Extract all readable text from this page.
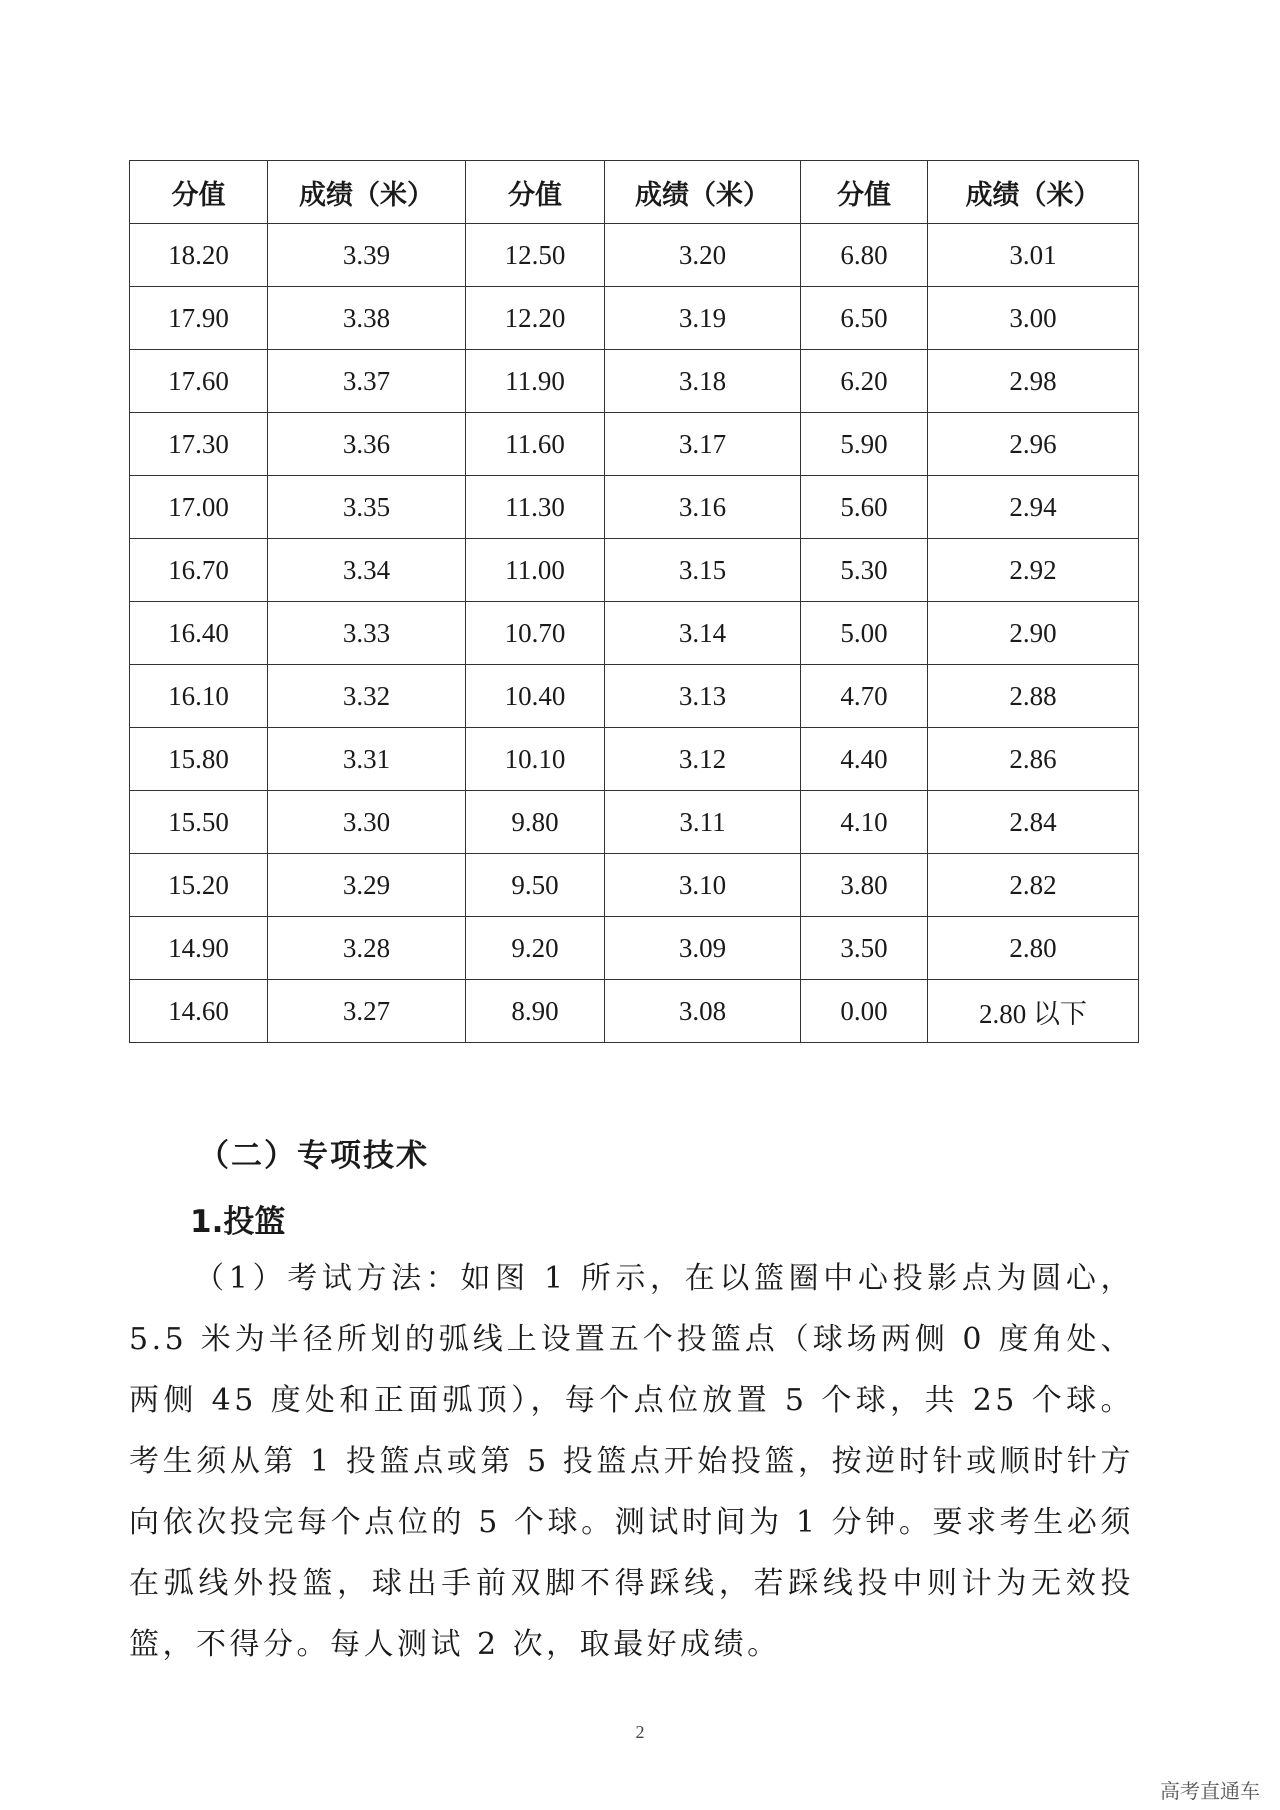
分值	成绩（米）	分值	成绩（米）	分值	成绩（米）
18.20	3.39	12.50	3.20	6.80	3.01
17.90	3.38	12.20	3.19	6.50	3.00
17.60	3.37	11.90	3.18	6.20	2.98
17.30	3.36	11.60	3.17	5.90	2.96
17.00	3.35	11.30	3.16	5.60	2.94
16.70	3.34	11.00	3.15	5.30	2.92
16.40	3.33	10.70	3.14	5.00	2.90
16.10	3.32	10.40	3.13	4.70	2.88
15.80	3.31	10.10	3.12	4.40	2.86
15.50	3.30	9.80	3.11	4.10	2.84
15.20	3.29	9.50	3.10	3.80	2.82
14.90	3.28	9.20	3.09	3.50	2.80
14.60	3.27	8.90	3.08	0.00	2.80 以下
（二）专项技术
1.投篮
（1）考试方法：如图 1 所示，在以篮圈中心投影点为圆心，5.5 米为半径所划的弧线上设置五个投篮点（球场两侧 0 度角处、两侧 45 度处和正面弧顶），每个点位放置 5 个球，共 25 个球。考生须从第 1 投篮点或第 5 投篮点开始投篮，按逆时针或顺时针方向依次投完每个点位的 5 个球。测试时间为 1 分钟。要求考生必须在弧线外投篮，球出手前双脚不得踩线，若踩线投中则计为无效投篮，不得分。每人测试 2 次，取最好成绩。
2
高考直通车
